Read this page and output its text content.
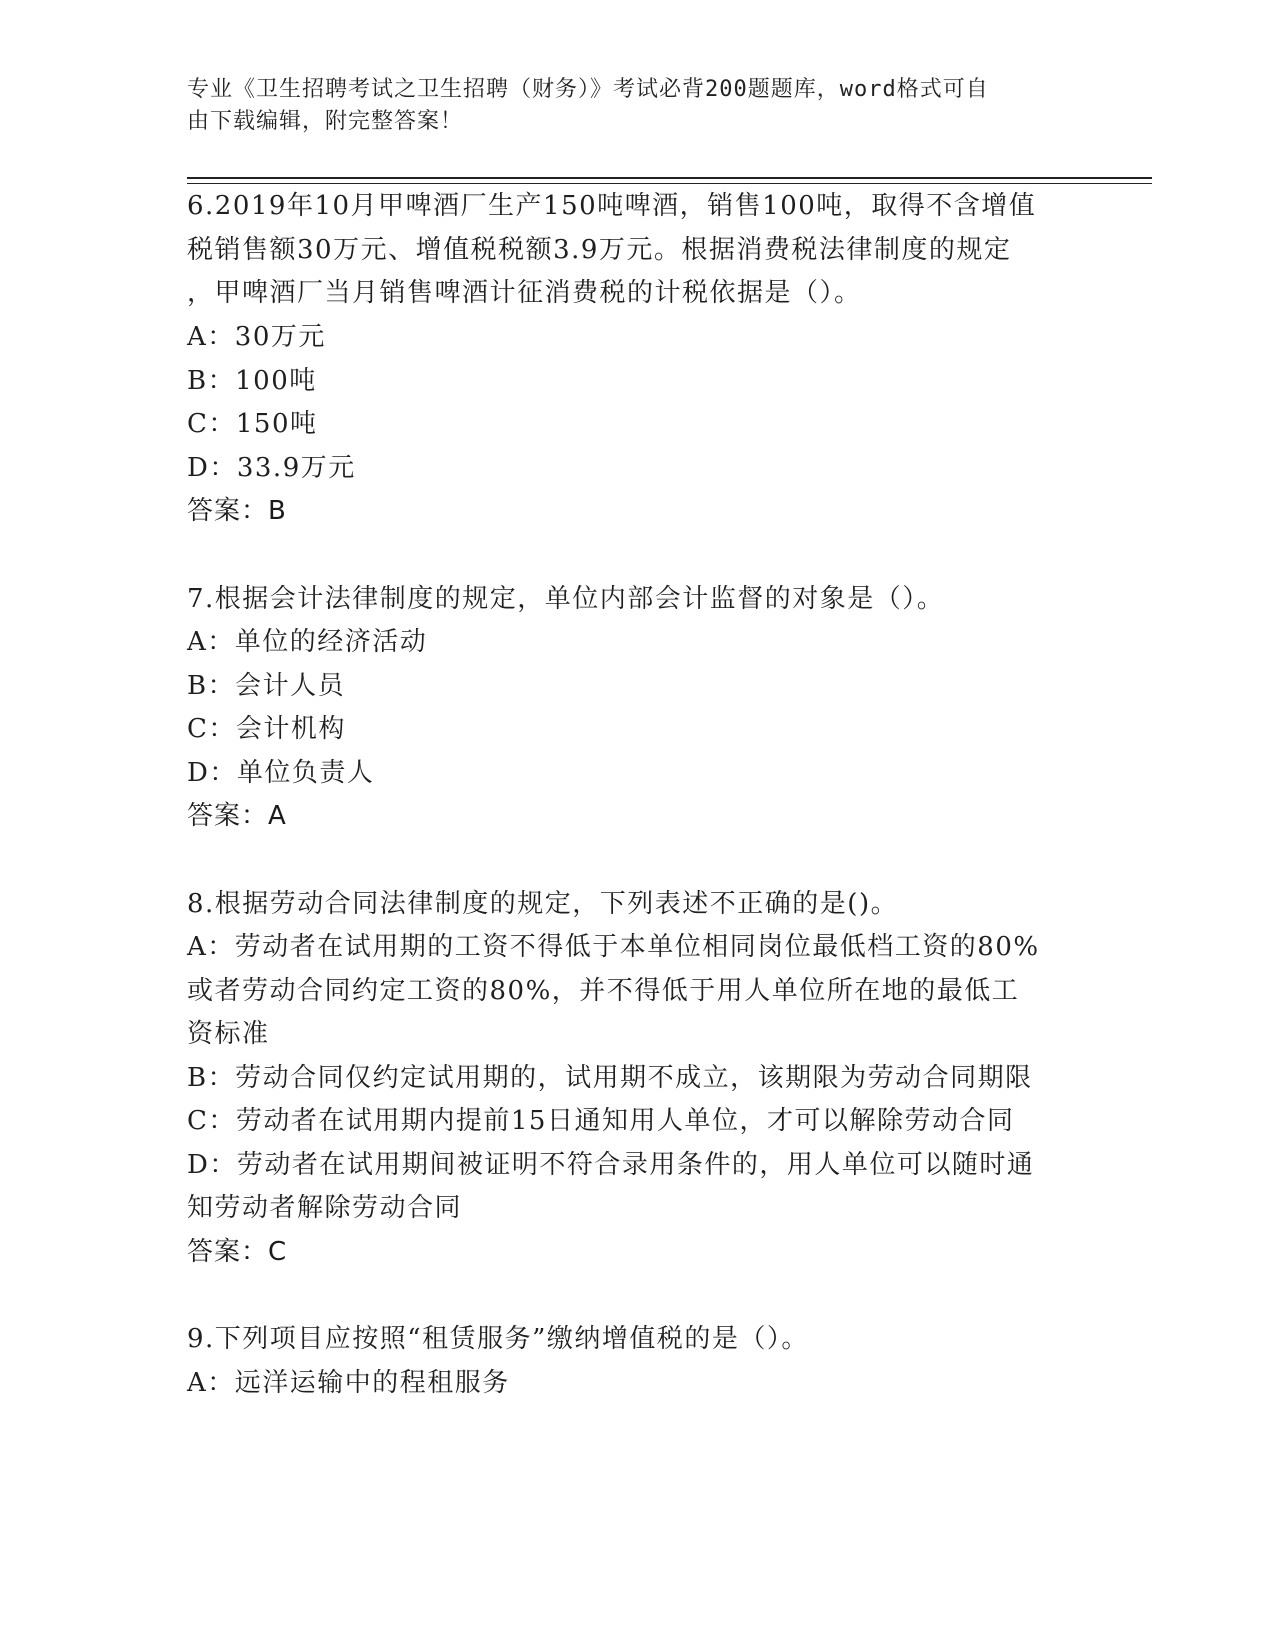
专业《卫生招聘考试之卫生招聘（财务）》考试必背200题题库，word格式可自
由下载编辑，附完整答案！
6.2019年10月甲啤酒厂生产150吨啤酒，销售100吨，取得不含增值
税销售额30万元、增值税税额3.9万元。根据消费税法律制度的规定
，甲啤酒厂当月销售啤酒计征消费税的计税依据是（）。
A：30万元
B：100吨
C：150吨
D：33.9万元
答案：B
7.根据会计法律制度的规定，单位内部会计监督的对象是（）。
A：单位的经济活动
B：会计人员
C：会计机构
D：单位负责人
答案：A
8.根据劳动合同法律制度的规定，下列表述不正确的是()。
A：劳动者在试用期的工资不得低于本单位相同岗位最低档工资的80%
或者劳动合同约定工资的80%，并不得低于用人单位所在地的最低工
资标准
B：劳动合同仅约定试用期的，试用期不成立，该期限为劳动合同期限
C：劳动者在试用期内提前15日通知用人单位，才可以解除劳动合同
D：劳动者在试用期间被证明不符合录用条件的，用人单位可以随时通
知劳动者解除劳动合同
答案：C
9.下列项目应按照“租赁服务”缴纳增值税的是（）。
A：远洋运输中的程租服务
